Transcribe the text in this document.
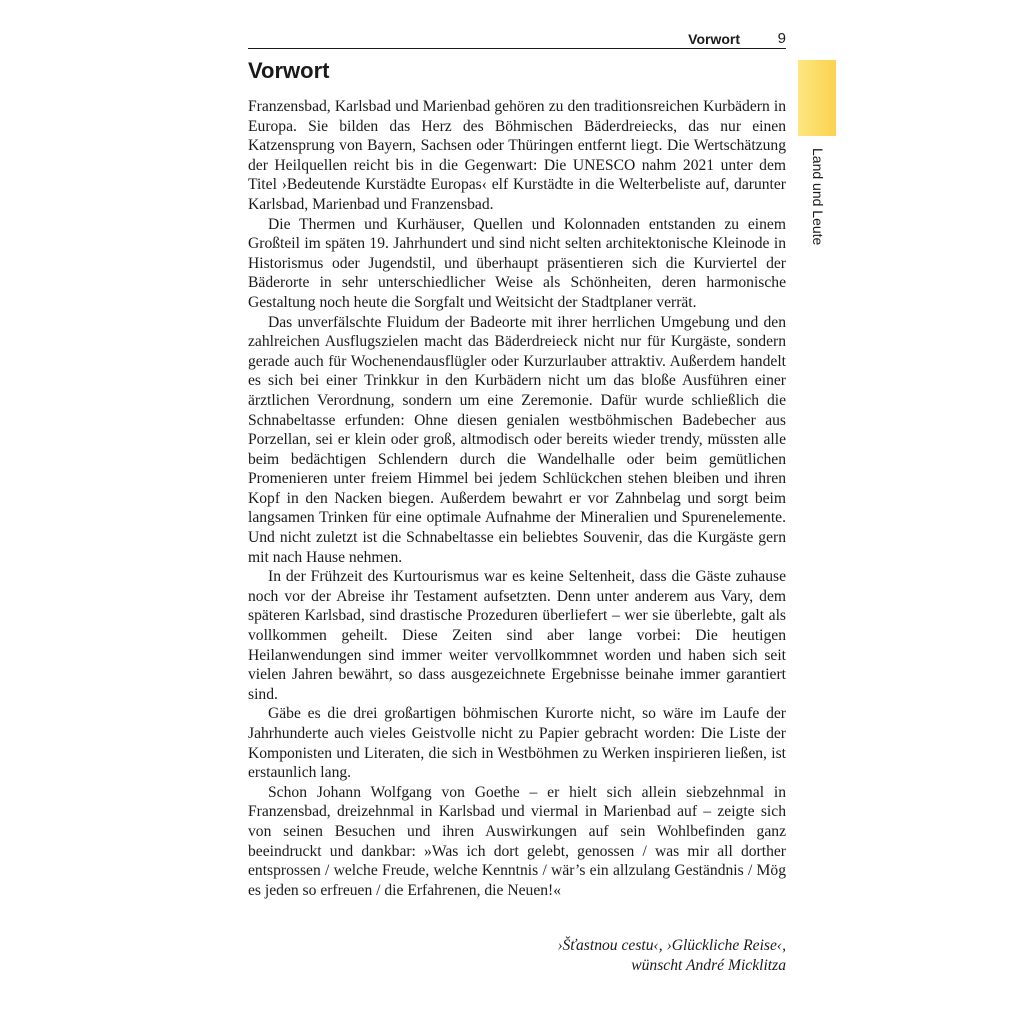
Vorwort	9
Land und Leute
Vorwort

Franzensbad, Karlsbad und Marienbad gehören zu den traditionsreichen Kurbädern in Europa. Sie bilden das Herz des Böhmischen Bäderdreiecks, das nur einen Katzensprung von Bayern, Sachsen oder Thüringen entfernt liegt. Die Wertschätzung der Heilquellen reicht bis in die Gegenwart: Die UNESCO nahm 2021 unter dem Titel ›Bedeutende Kurstädte Europas‹ elf Kurstädte in die Welterbeliste auf, darunter Karlsbad, Marienbad und Franzensbad.

Die Thermen und Kurhäuser, Quellen und Kolonnaden entstanden zu einem Großteil im späten 19. Jahrhundert und sind nicht selten architektonische Kleinode in Historismus oder Jugendstil, und überhaupt präsentieren sich die Kurviertel der Bäderorte in sehr unterschiedlicher Weise als Schönheiten, deren harmonische Gestaltung noch heute die Sorgfalt und Weitsicht der Stadtplaner verrät.

Das unverfälschte Fluidum der Badeorte mit ihrer herrlichen Umgebung und den zahlreichen Ausflugszielen macht das Bäderdreieck nicht nur für Kurgäste, sondern gerade auch für Wochenendausflügler oder Kurzurlauber attraktiv. Außerdem handelt es sich bei einer Trinkkur in den Kurbädern nicht um das bloße Ausführen einer ärztlichen Verordnung, sondern um eine Zeremonie. Dafür wurde schließlich die Schnabeltasse erfunden: Ohne diesen genialen westböhmischen Badebecher aus Porzellan, sei er klein oder groß, altmodisch oder bereits wieder trendy, müssten alle beim bedächtigen Schlendern durch die Wandelhalle oder beim gemütlichen Promenieren unter freiem Himmel bei jedem Schlückchen stehen bleiben und ihren Kopf in den Nacken biegen. Außerdem bewahrt er vor Zahnbelag und sorgt beim langsamen Trinken für eine optimale Aufnahme der Mineralien und Spurenelemente. Und nicht zuletzt ist die Schnabeltasse ein beliebtes Souvenir, das die Kurgäste gern mit nach Hause nehmen.

In der Frühzeit des Kurtourismus war es keine Seltenheit, dass die Gäste zuhause noch vor der Abreise ihr Testament aufsetzten. Denn unter anderem aus Vary, dem späteren Karlsbad, sind drastische Prozeduren überliefert – wer sie überlebte, galt als vollkommen geheilt. Diese Zeiten sind aber lange vorbei: Die heutigen Heilanwendungen sind immer weiter vervollkommnet worden und haben sich seit vielen Jahren bewährt, so dass ausgezeichnete Ergebnisse beinahe immer garantiert sind.

Gäbe es die drei großartigen böhmischen Kurorte nicht, so wäre im Laufe der Jahrhunderte auch vieles Geistvolle nicht zu Papier gebracht worden: Die Liste der Komponisten und Literaten, die sich in Westböhmen zu Werken inspirieren ließen, ist erstaunlich lang.

Schon Johann Wolfgang von Goethe – er hielt sich allein siebzehnmal in Franzensbad, dreizehnmal in Karlsbad und viermal in Marienbad auf – zeigte sich von seinen Besuchen und ihren Auswirkungen auf sein Wohlbefinden ganz beeindruckt und dankbar: »Was ich dort gelebt, genossen / was mir all dorther entsprossen / welche Freude, welche Kenntnis / wär’s ein allzulang Geständnis / Mög es jeden so erfreuen / die Erfahrenen, die Neuen!«

›Šťastnou cestu‹, ›Glückliche Reise‹,
wünscht André Micklitza
